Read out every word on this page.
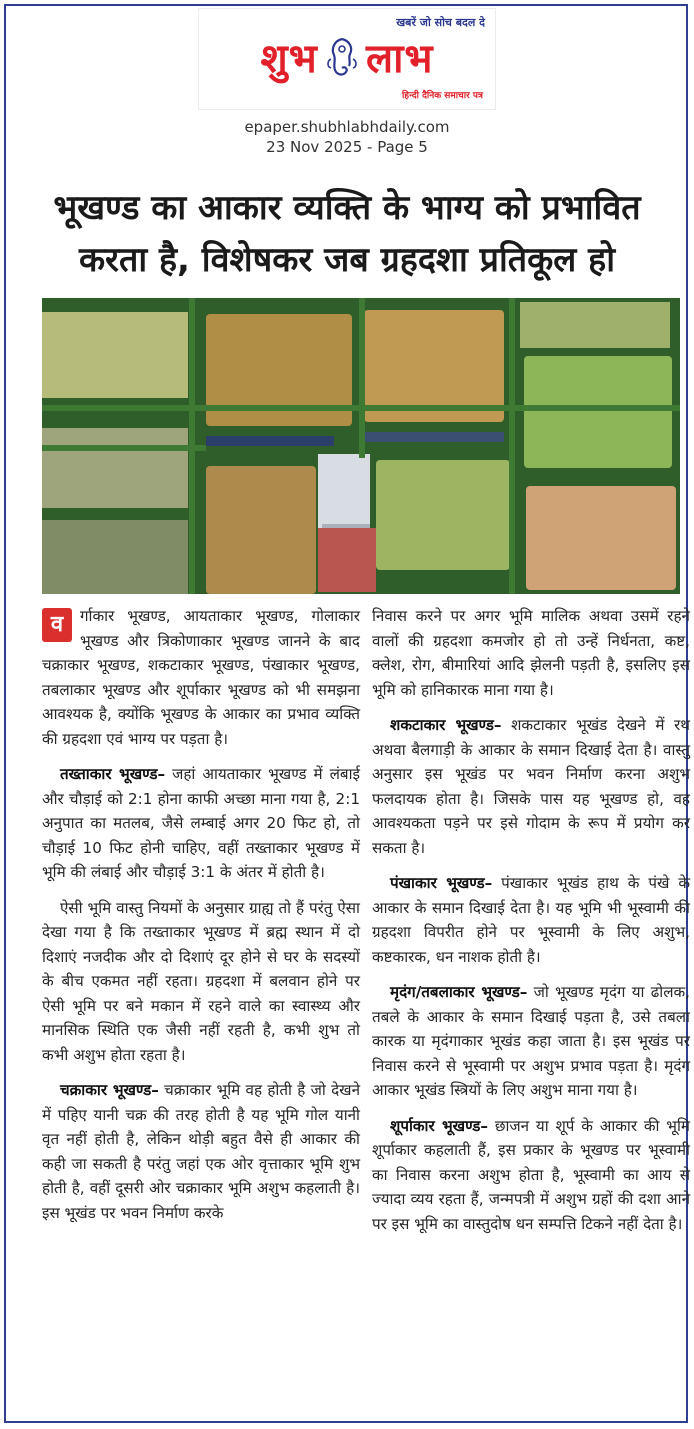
खबरें जो सोच बदल दे
शुभ लाभ
हिन्दी दैनिक समाचार पत्र
epaper.shubhlabhdaily.com
23 Nov 2025 - Page 5
भूखण्ड का आकार व्यक्ति के भाग्य को प्रभावित
करता है, विशेषकर जब ग्रहदशा प्रतिकूल हो

व	र्गाकार भूखण्ड, आयताकार भूखण्ड, गोलाकार भूखण्ड और त्रिकोणाकार भूखण्ड जानने के बाद चक्राकार भूखण्ड, शकटाकार भूखण्ड, पंखाकार भूखण्ड, तबलाकार भूखण्ड और शूर्पाकार भूखण्ड को भी समझना आवश्यक है, क्योंकि भूखण्ड के आकार का प्रभाव व्यक्ति की ग्रहदशा एवं भाग्य पर पड़ता है।

तख्ताकार भूखण्ड– जहां आयताकार भूखण्ड में लंबाई और चौड़ाई को 2:1 होना काफी अच्छा माना गया है, 2:1 अनुपात का मतलब, जैसे लम्बाई अगर 20 फिट हो, तो चौड़ाई 10 फिट होनी चाहिए, वहीं तख्ताकार भूखण्ड में भूमि की लंबाई और चौड़ाई 3:1 के अंतर में होती है।

ऐसी भूमि वास्तु नियमों के अनुसार ग्राह्य तो हैं परंतु ऐसा देखा गया है कि तख्ताकार भूखण्ड में ब्रह्म स्थान में दो दिशाएं नजदीक और दो दिशाएं दूर होने से घर के सदस्यों के बीच एकमत नहीं रहता। ग्रहदशा में बलवान होने पर ऐसी भूमि पर बने मकान में रहने वाले का स्वास्थ्य और मानसिक स्थिति एक जैसी नहीं रहती है, कभी शुभ तो कभी अशुभ होता रहता है।

चक्राकार भूखण्ड– चक्राकार भूमि वह होती है जो देखने में पहिए यानी चक्र की तरह होती है यह भूमि गोल यानी वृत नहीं होती है, लेकिन थोड़ी बहुत वैसे ही आकार की कही जा सकती है परंतु जहां एक ओर वृत्ताकार भूमि शुभ होती है, वहीं दूसरी ओर चक्राकार भूमि अशुभ कहलाती है। इस भूखंड पर भवन निर्माण करके

निवास करने पर अगर भूमि मालिक अथवा उसमें रहने वालों की ग्रहदशा कमजोर हो तो उन्हें निर्धनता, कष्ट, क्लेश, रोग, बीमारियां आदि झेलनी पड़ती है, इसलिए इस भूमि को हानिकारक माना गया है।

शकटाकार भूखण्ड– शकटाकार भूखंड देखने में रथ अथवा बैलगाड़ी के आकार के समान दिखाई देता है। वास्तु अनुसार इस भूखंड पर भवन निर्माण करना अशुभ फलदायक होता है। जिसके पास यह भूखण्ड हो, वह आवश्यकता पड़ने पर इसे गोदाम के रूप में प्रयोग कर सकता है।

पंखाकार भूखण्ड– पंखाकार भूखंड हाथ के पंखे के आकार के समान दिखाई देता है। यह भूमि भी भूस्वामी की ग्रहदशा विपरीत होने पर भूस्वामी के लिए अशुभ, कष्टकारक, धन नाशक होती है।

मृदंग/तबलाकार भूखण्ड– जो भूखण्ड मृदंग या ढोलक, तबले के आकार के समान दिखाई पड़ता है, उसे तबला कारक या मृदंगाकार भूखंड कहा जाता है। इस भूखंड पर निवास करने से भूस्वामी पर अशुभ प्रभाव पड़ता है। मृदंग आकार भूखंड स्त्रियों के लिए अशुभ माना गया है।

शूर्पाकार भूखण्ड– छाजन या शूर्प के आकार की भूमि शूर्पाकार कहलाती हैं, इस प्रकार के भूखण्ड पर भूस्वामी का निवास करना अशुभ होता है, भूस्वामी का आय से ज्यादा व्यय रहता हैं, जन्मपत्री में अशुभ ग्रहों की दशा आने पर इस भूमि का वास्तुदोष धन सम्पत्ति टिकने नहीं देता है।
